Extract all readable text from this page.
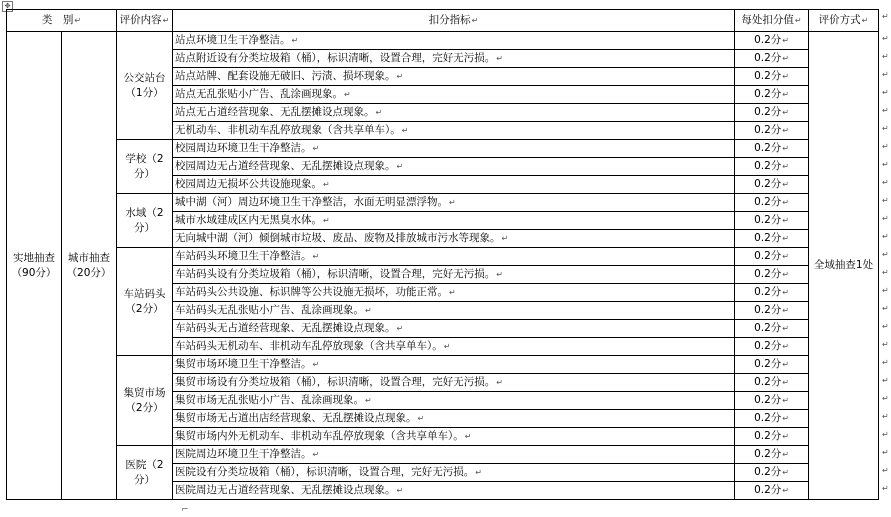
✥
类　别↵		评价内容↵	扣分指标↵	每处扣分值↵	评价方式↵
实地抽查（90分）	城市抽查（20分）	公交站台（1分）	站点环境卫生干净整洁。↵	0.2分↵	全域抽查1处
			站点附近设有分类垃圾箱（桶），标识清晰，设置合理，完好无污损。↵	0.2分↵	
			站点站牌、配套设施无破旧、污渍、损坏现象。↵	0.2分↵	
			站点无乱张贴小广告、乱涂画现象。↵	0.2分↵	
			站点无占道经营现象、无乱摆摊设点现象。↵	0.2分↵	
			无机动车、非机动车乱停放现象（含共享单车）。↵	0.2分↵	
		学校（2分）	校园周边环境卫生干净整洁。↵	0.2分↵	
			校园周边无占道经营现象、无乱摆摊设点现象。↵	0.2分↵	
			校园周边无损坏公共设施现象。↵	0.2分↵	
		水域（2分）	城中湖（河）周边环境卫生干净整洁，水面无明显漂浮物。↵	0.2分↵	
			城市水域建成区内无黑臭水体。↵	0.2分↵	
			无向城中湖（河）倾倒城市垃圾、废品、废物及排放城市污水等现象。↵	0.2分↵	
		车站码头（2分）	车站码头环境卫生干净整洁。↵	0.2分↵	
			车站码头设有分类垃圾箱（桶），标识清晰，设置合理，完好无污损。↵	0.2分↵	
			车站码头公共设施、标识牌等公共设施无损坏，功能正常。↵	0.2分↵	
			车站码头无乱张贴小广告、乱涂画现象。↵	0.2分↵	
			车站码头无占道经营现象、无乱摆摊设点现象。↵	0.2分↵	
			车站码头无机动车、非机动车乱停放现象（含共享单车）。↵	0.2分↵	
		集贸市场（2分）	集贸市场环境卫生干净整洁。↵	0.2分↵	
			集贸市场设有分类垃圾箱（桶），标识清晰，设置合理，完好无污损。↵	0.2分↵	
			集贸市场无乱张贴小广告、乱涂画现象。↵	0.2分↵	
			集贸市场无占道出店经营现象、无乱摆摊设点现象。↵	0.2分↵	
			集贸市场内外无机动车、非机动车乱停放现象（含共享单车）。↵	0.2分↵	
		医院（2分）	医院周边环境卫生干净整洁。↵	0.2分↵	
			医院设有分类垃圾箱（桶），标识清晰，设置合理，完好无污损。↵	0.2分↵	
			医院周边无占道经营现象、无乱摆摊设点现象。↵	0.2分↵	
⌐
↵
↵
↵
↵
↵
↵
↵
↵
↵
↵
↵
↵
↵
↵
↵
↵
↵
↵
↵
↵
↵
↵
↵
↵
↵
↵
↵
